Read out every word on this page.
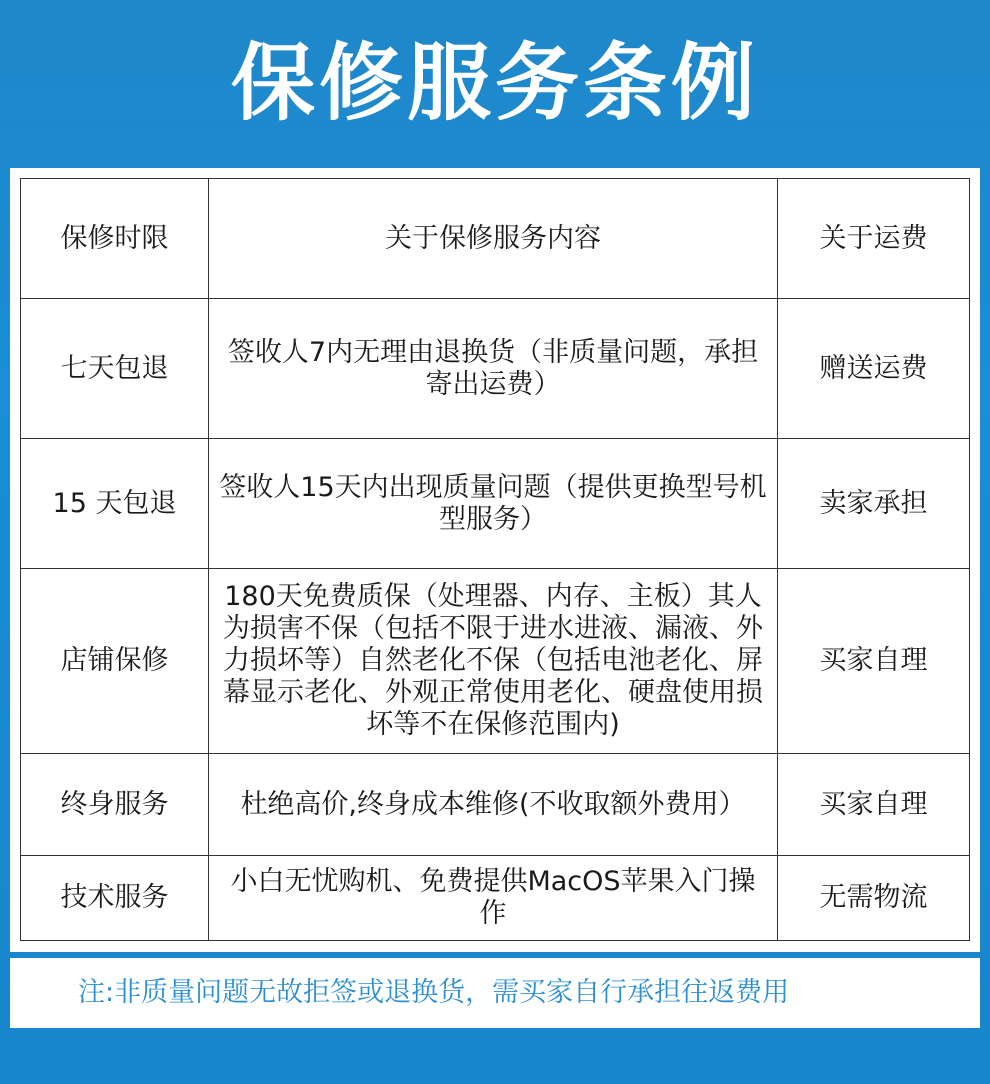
保修服务条例
保修时限	关于保修服务内容	关于运费
七天包退	签收人7内无理由退换货（非质量问题，承担寄出运费）	赠送运费
15 天包退	签收人15天内出现质量问题（提供更换型号机型服务）	卖家承担
店铺保修	180天免费质保（处理器、内存、主板）其人为损害不保（包括不限于进水进液、漏液、外力损坏等）自然老化不保（包括电池老化、屏幕显示老化、外观正常使用老化、硬盘使用损坏等不在保修范围内)	买家自理
终身服务	杜绝高价,终身成本维修(不收取额外费用）	买家自理
技术服务	小白无忧购机、免费提供MacOS苹果入门操作	无需物流
注:非质量问题无故拒签或退换货，需买家自行承担往返费用
